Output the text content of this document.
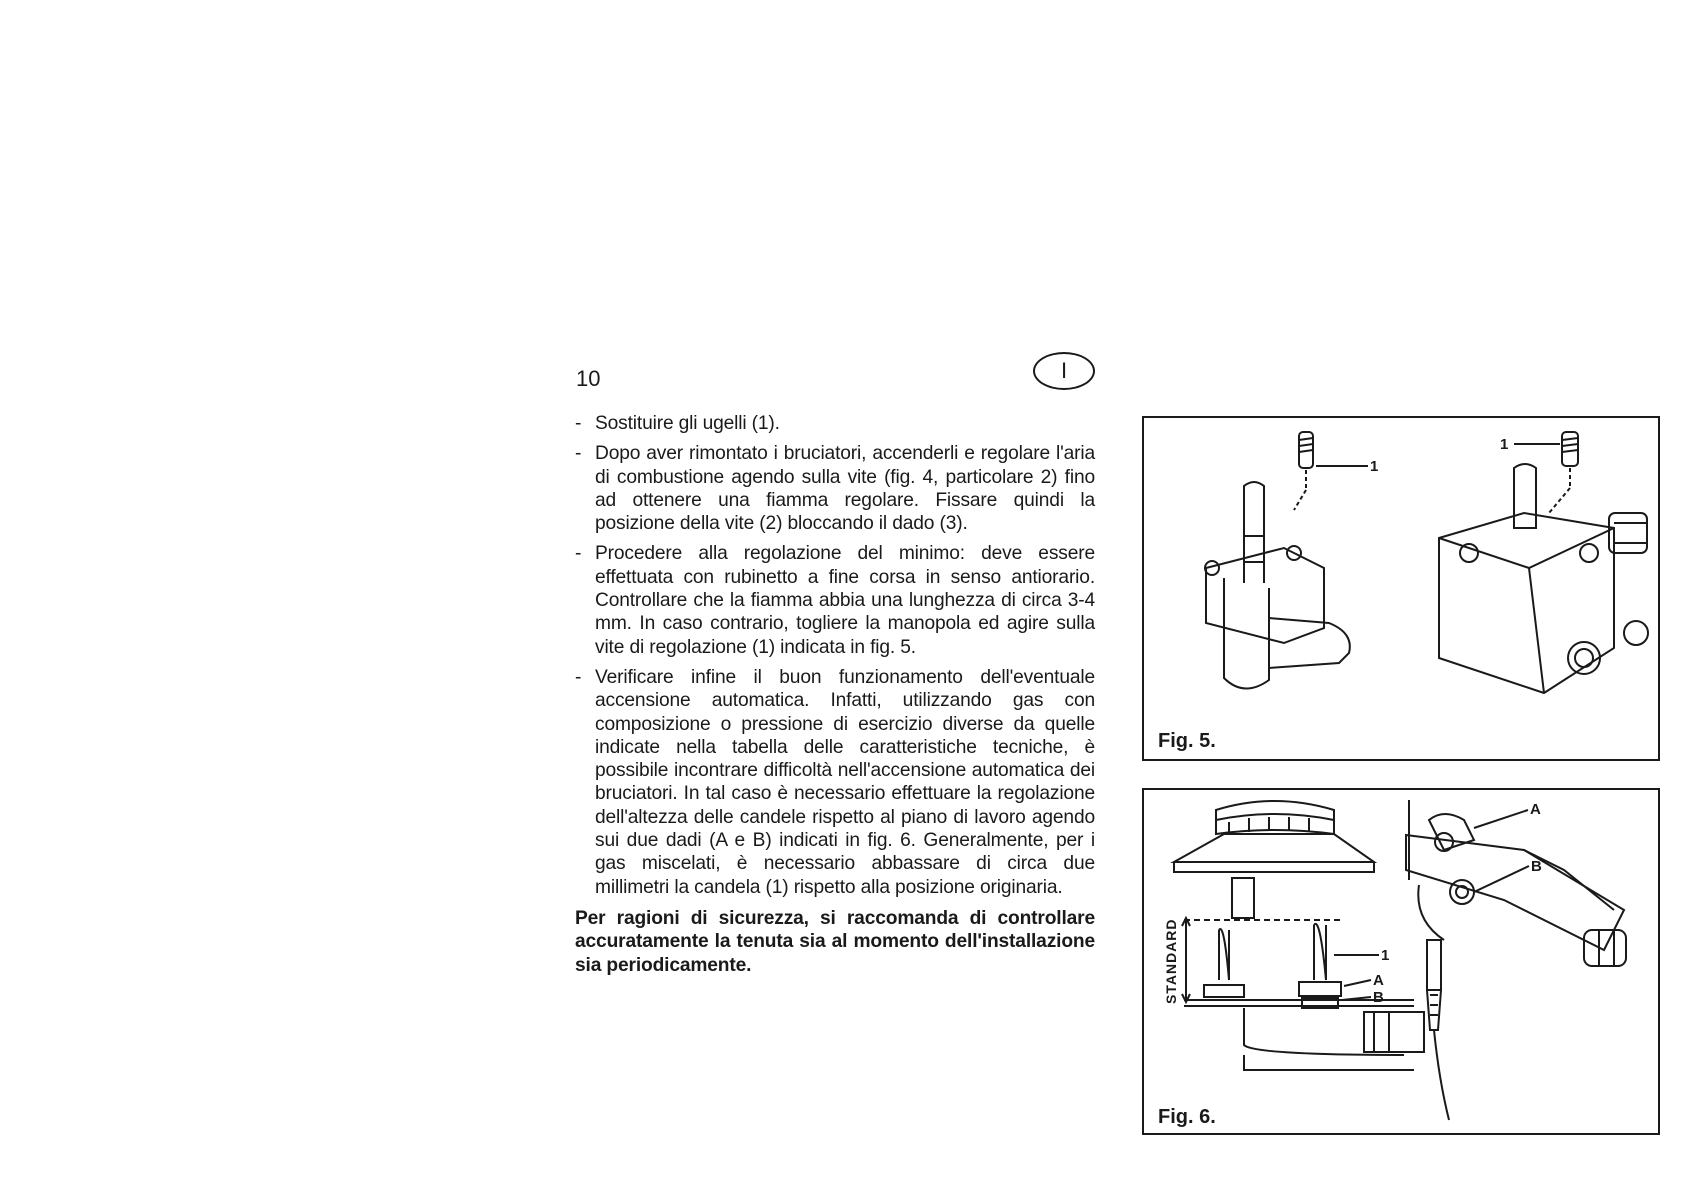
10	I
- Sostituire gli ugelli (1).
- Dopo aver rimontato i bruciatori, accenderli e regolare l'aria di combustione agendo sulla vite (fig. 4, particolare 2) fino ad ottenere una fiamma regolare. Fissare quindi la posizione della vite (2) bloccando il dado (3).
- Procedere alla regolazione del minimo: deve essere effettuata con rubinetto a fine corsa in senso antiorario. Controllare che la fiamma abbia una lunghezza di circa 3-4 mm. In caso contrario, togliere la manopola ed agire sulla vite di regolazione (1) indicata in fig. 5.
- Verificare infine il buon funzionamento dell'eventuale accensione automatica. Infatti, utilizzando gas con composizione o pressione di esercizio diverse da quelle indicate nella tabella delle caratteristiche tecniche, è possibile incontrare difficoltà nell'accensione automatica dei bruciatori. In tal caso è necessario effettuare la regolazione dell'altezza delle candele rispetto al piano di lavoro agendo sui due dadi (A e B) indicati in fig. 6. Generalmente, per i gas miscelati, è necessario abbassare di circa due millimetri la candela (1) rispetto alla posizione originaria.
Per ragioni di sicurezza, si raccomanda di controllare accuratamente la tenuta sia al momento dell'installazione sia periodicamente.
1
1
Fig. 5.
A
B
1
A
B
STANDARD
Fig. 6.
